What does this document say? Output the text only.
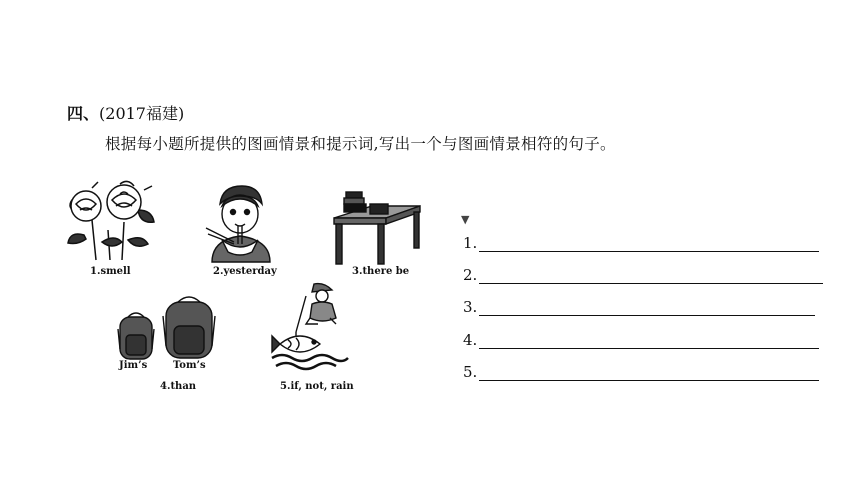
四、(2017福建)
根据每小题所提供的图画情景和提示词,写出一个与图画情景相符的句子。
1.smell	2.yesterday	3.there be
Jim’s	Tom’s
4.than	5.if, not, rain
▼
1.
2.
3.
4.
5.
